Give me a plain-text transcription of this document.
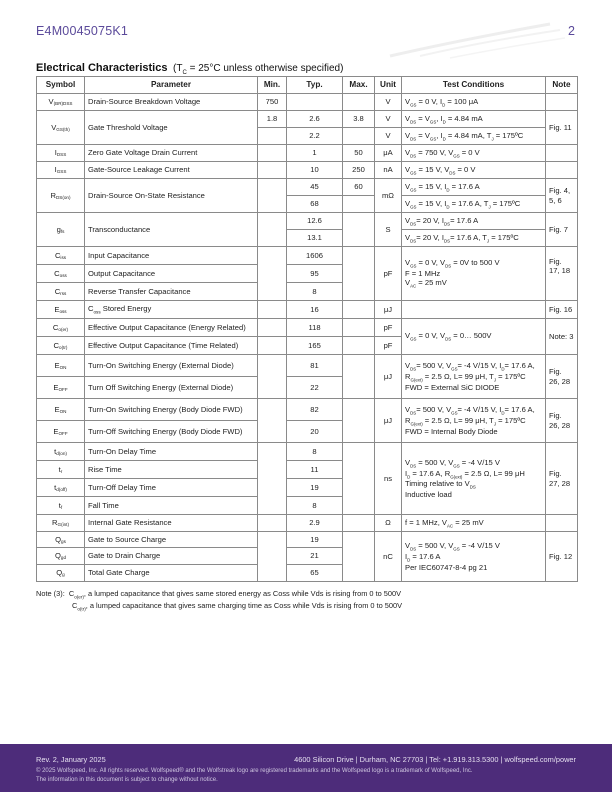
E4M0045075K1	2
Electrical Characteristics ($T_C = 25^\circ C$ unless otherwise specified)
Symbol	Parameter	Min.	Typ.	Max.	Unit	Test Conditions	Note
$V_{(BR)DSS}$	Drain-Source Breakdown Voltage	750			V	$V_{GS} = 0$ V, $I_D = 100$ μA	
$V_{GS(th)}$	Gate Threshold Voltage	1.8	2.6	3.8	V	$V_{DS} = V_{GS}$, $I_D = 4.84$ mA	Fig. 11
			2.2		V	$V_{DS} = V_{GS}$, $I_D = 4.84$ mA, $T_J$ = 175ºC	
$I_{DSS}$	Zero Gate Voltage Drain Current		1	50	μA	$V_{DS} = 750$ V, $V_{GS} = 0$ V	
$I_{GSS}$	Gate-Source Leakage Current		10	250	nA	$V_{GS} = 15$ V, $V_{DS} = 0$ V	
$R_{DS(on)}$	Drain-Source On-State Resistance		45	60	mΩ	$V_{GS} = 15$ V, $I_D = 17.6$ A	Fig. 4, 5, 6
			68			$V_{GS} = 15$ V, $I_D = 17.6$ A, $T_J$ = 175ºC	
$g_{fs}$	Transconductance		12.6		S	$V_{DS}= 20$ V, $I_{DS}= 17.6$ A	Fig. 7
			13.1			$V_{DS}= 20$ V, $I_{DS}= 17.6$ A, $T_J$ = 175ºC	
$C_{iss}$	Input Capacitance		1606		pF	$V_{GS} = 0$ V, $V_{DS} = 0V$ to 500 V
F = 1 MHz
$V_{AC} = 25$ mV	Fig. 17, 18
$C_{oss}$	Output Capacitance		95				
$C_{rss}$	Reverse Transfer Capacitance		8				
$E_{oss}$	$C_{oss}$ Stored Energy		16		μJ		Fig. 16
$C_{o(er)}$	Effective Output Capacitance (Energy Related)		118		pF	$V_{GS} = 0$ V, $V_{DS}$ = 0… 500V	Note: 3
$C_{o(tr)}$	Effective Output Capacitance (Time Related)		165		pF		
$E_{ON}$	Turn-On Switching Energy (External Diode)		81		μJ	$V_{DS}= 500$ V, $V_{GS}= -4$ V/15 V, $I_D= 17.6$ A,
$R_{G(ext)} = 2.5$ Ω, L= 99 μH, $T_J$ = 175ºC
FWD = External SiC DIODE	Fig. 26, 28
$E_{OFF}$	Turn Off Switching Energy (External Diode)		22				
$E_{ON}$	Turn-On Switching Energy (Body Diode FWD)		82		μJ	$V_{DS}= 500$ V, $V_{GS}= -4$ V/15 V, $I_D= 17.6$ A,
$R_{G(ext)} = 2.5$ Ω, L= 99 μH, $T_J$ = 175ºC
FWD = Internal Body Diode	Fig. 26, 28
$E_{OFF}$	Turn-Off Switching Energy (Body Diode FWD)		20				
$t_{d(on)}$	Turn-On Delay Time		8		ns	$V_{DS} = 500$ V, $V_{GS} = -4$ V/15 V
$I_D = 17.6$ A, $R_{G(ext)} = 2.5$ Ω, L= 99 μH
Timing relative to $V_{DS}$
Inductive load	Fig. 27, 28
$t_r$	Rise Time		11				
$t_{d(off)}$	Turn-Off Delay Time		19				
$t_f$	Fall Time		8				
$R_{G(int)}$	Internal Gate Resistance		2.9		Ω	f = 1 MHz, $V_{AC} = 25$ mV	
$Q_{gs}$	Gate to Source Charge		19		nC	$V_{DS} = 500$ V, $V_{GS} = -4$ V/15 V
$I_D = 17.6$ A
Per IEC60747-8-4 pg 21	Fig. 12
$Q_{gd}$	Gate to Drain Charge		21				
$Q_g$	Total Gate Charge		65				
Note (3): $C_{o(er)}$, a lumped capacitance that gives same stored energy as Coss while Vds is rising from 0 to 500V
$C_{o(tr)}$, a lumped capacitance that gives same charging time as Coss while Vds is rising from 0 to 500V
Rev. 2, January 2025	4600 Silicon Drive | Durham, NC 27703 | Tel: +1.919.313.5300 | wolfspeed.com/power
© 2025 Wolfspeed, Inc. All rights reserved. Wolfspeed® and the Wolfstreak logo are registered trademarks and the Wolfspeed logo is a trademark of Wolfspeed, Inc.
The information in this document is subject to change without notice.
